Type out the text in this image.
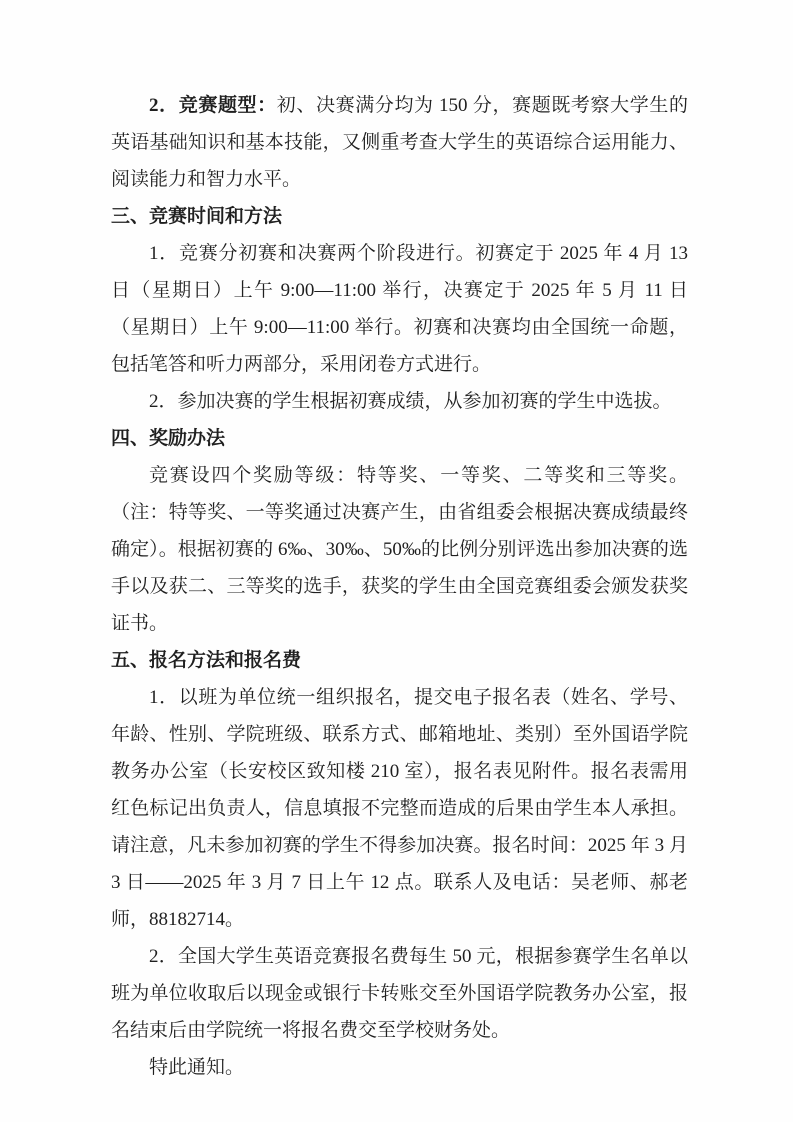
2．竞赛题型：初、决赛满分均为 150 分，赛题既考察大学生的英语基础知识和基本技能，又侧重考查大学生的英语综合运用能力、阅读能力和智力水平。

三、竞赛时间和方法

1．竞赛分初赛和决赛两个阶段进行。初赛定于 2025 年 4 月 13 日（星期日）上午 9:00—11:00 举行，决赛定于 2025 年 5 月 11 日（星期日）上午 9:00—11:00 举行。初赛和决赛均由全国统一命题，包括笔答和听力两部分，采用闭卷方式进行。

2．参加决赛的学生根据初赛成绩，从参加初赛的学生中选拔。

四、奖励办法

竞赛设四个奖励等级：特等奖、一等奖、二等奖和三等奖。（注：特等奖、一等奖通过决赛产生，由省组委会根据决赛成绩最终确定）。根据初赛的 6‰、30‰、50‰的比例分别评选出参加决赛的选手以及获二、三等奖的选手，获奖的学生由全国竞赛组委会颁发获奖证书。

五、报名方法和报名费

1．以班为单位统一组织报名，提交电子报名表（姓名、学号、年龄、性别、学院班级、联系方式、邮箱地址、类别）至外国语学院教务办公室（长安校区致知楼 210 室），报名表见附件。报名表需用红色标记出负责人，信息填报不完整而造成的后果由学生本人承担。请注意，凡未参加初赛的学生不得参加决赛。报名时间：2025 年 3 月 3 日——2025 年 3 月 7 日上午 12 点。联系人及电话：吴老师、郝老师，88182714。

2．全国大学生英语竞赛报名费每生 50 元，根据参赛学生名单以班为单位收取后以现金或银行卡转账交至外国语学院教务办公室，报名结束后由学院统一将报名费交至学校财务处。

特此通知。
